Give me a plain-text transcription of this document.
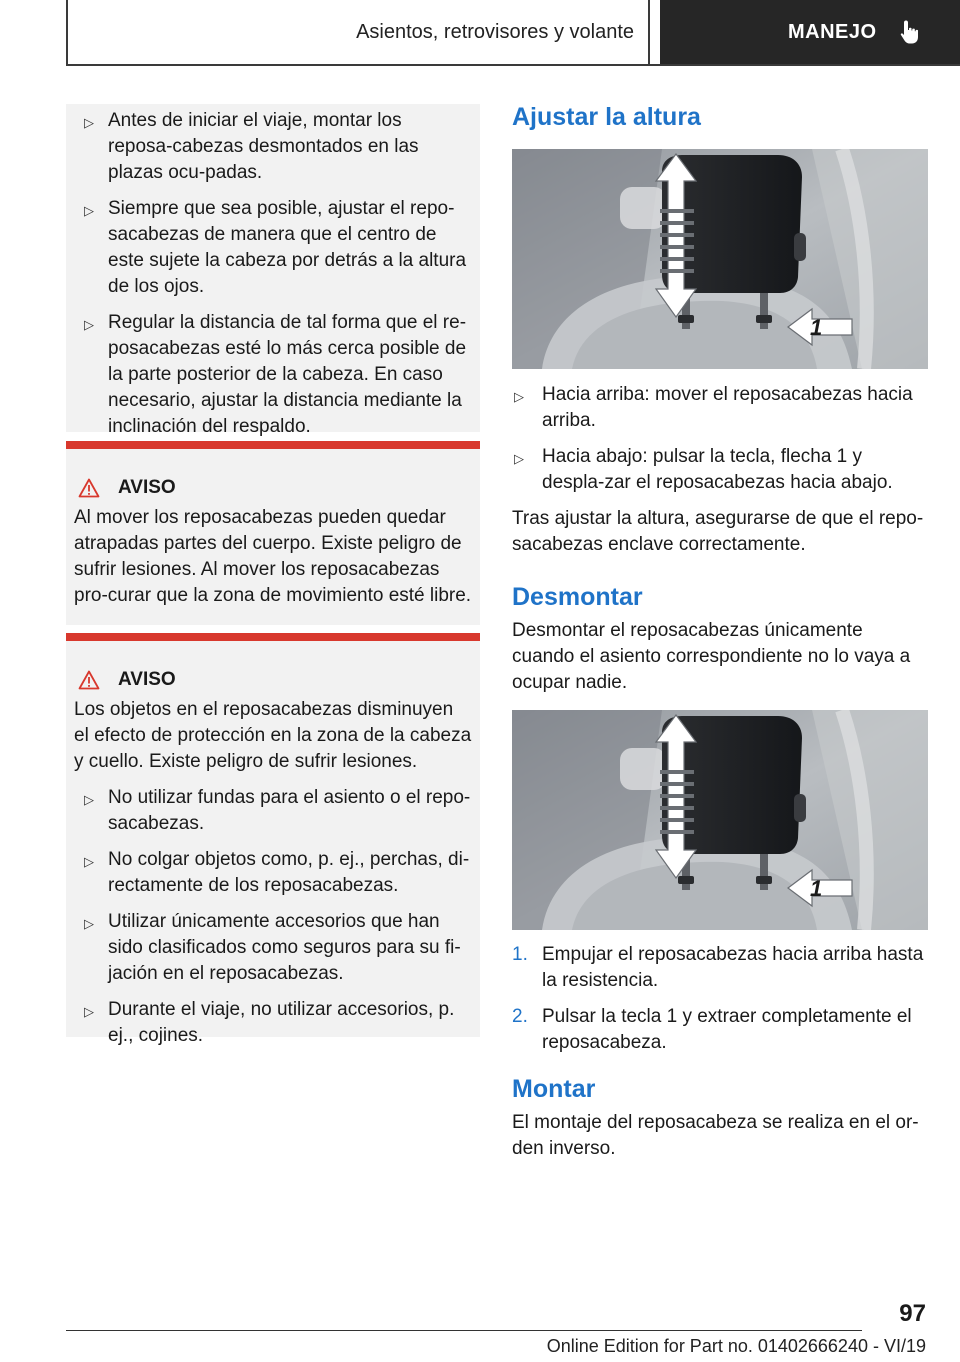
Asientos, retrovisores y volante	MANEJO
▷ Antes de iniciar el viaje, montar los reposa-cabezas desmontados en las plazas ocu-padas.
▷ Siempre que sea posible, ajustar el repo-sacabezas de manera que el centro de este sujete la cabeza por detrás a la altura de los ojos.
▷ Regular la distancia de tal forma que el re-posacabezas esté lo más cerca posible de la parte posterior de la cabeza. En caso necesario, ajustar la distancia mediante la inclinación del respaldo.
AVISO

Al mover los reposacabezas pueden quedar atrapadas partes del cuerpo. Existe peligro de sufrir lesiones. Al mover los reposacabezas pro-curar que la zona de movimiento esté libre.

AVISO

Los objetos en el reposacabezas disminuyen el efecto de protección en la zona de la cabeza y cuello. Existe peligro de sufrir lesiones.

▷ No utilizar fundas para el asiento o el repo-sacabezas.
▷ No colgar objetos como, p. ej., perchas, di-rectamente de los reposacabezas.
▷ Utilizar únicamente accesorios que han sido clasificados como seguros para su fi-jación en el reposacabezas.
▷ Durante el viaje, no utilizar accesorios, p. ej., cojines.
Ajustar la altura
1
▷ Hacia arriba: mover el reposacabezas hacia arriba.
▷ Hacia abajo: pulsar la tecla, flecha 1 y despla-zar el reposacabezas hacia abajo.

Tras ajustar la altura, asegurarse de que el repo-sacabezas enclave correctamente.

Desmontar

Desmontar el reposacabezas únicamente cuando el asiento correspondiente no lo vaya a ocupar nadie.

1
1. Empujar el reposacabezas hacia arriba hasta la resistencia.
2. Pulsar la tecla 1 y extraer completamente el reposacabeza.
Montar

El montaje del reposacabeza se realiza en el or-den inverso.

97
Online Edition for Part no. 01402666240 - VI/19
